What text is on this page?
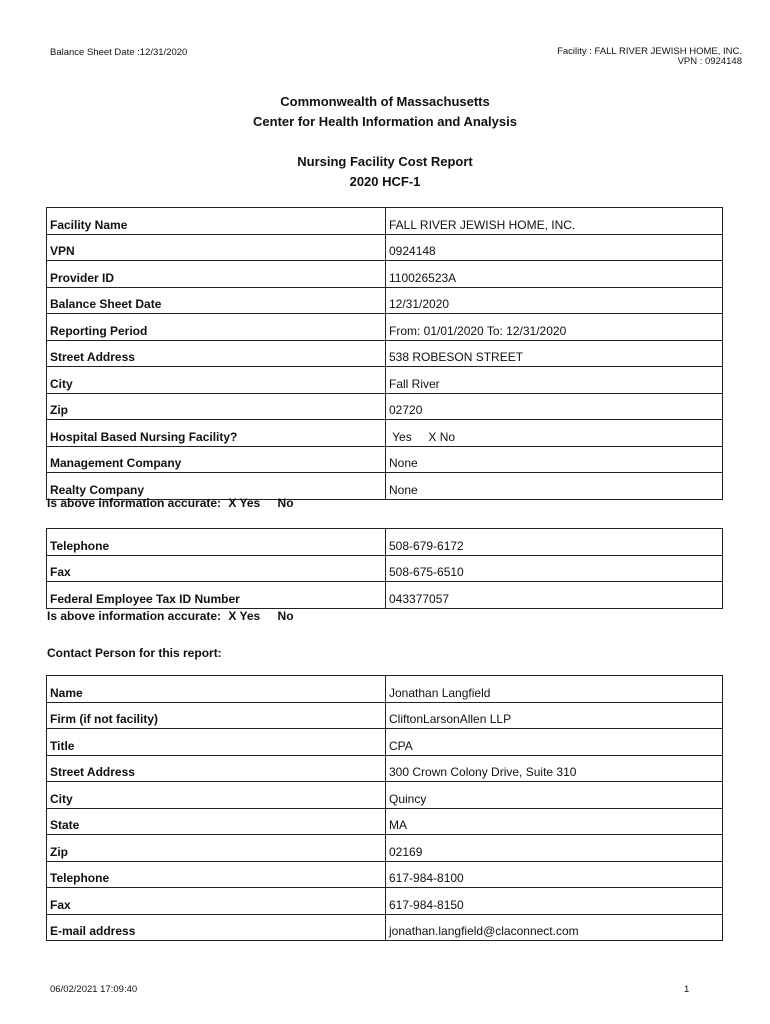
Balance Sheet Date :12/31/2020	Facility : FALL RIVER JEWISH HOME, INC.
VPN : 0924148
Commonwealth of Massachusetts
Center for Health Information and Analysis
Nursing Facility Cost Report
2020 HCF-1
Facility Name	FALL RIVER JEWISH HOME, INC.
VPN	0924148
Provider ID	110026523A
Balance Sheet Date	12/31/2020
Reporting Period	From: 01/01/2020 To: 12/31/2020
Street Address	538 ROBESON STREET
City	Fall River
Zip	02720
Hospital Based Nursing Facility?	Yes     X No
Management Company	None
Realty Company	None
Is above information accurate: X Yes No
Telephone	508-679-6172
Fax	508-675-6510
Federal Employee Tax ID Number	043377057
Is above information accurate: X Yes No
Contact Person for this report:
Name	Jonathan Langfield
Firm (if not facility)	CliftonLarsonAllen LLP
Title	CPA
Street Address	300 Crown Colony Drive, Suite 310
City	Quincy
State	MA
Zip	02169
Telephone	617-984-8100
Fax	617-984-8150
E-mail address	jonathan.langfield@claconnect.com
06/02/2021 17:09:40	1
